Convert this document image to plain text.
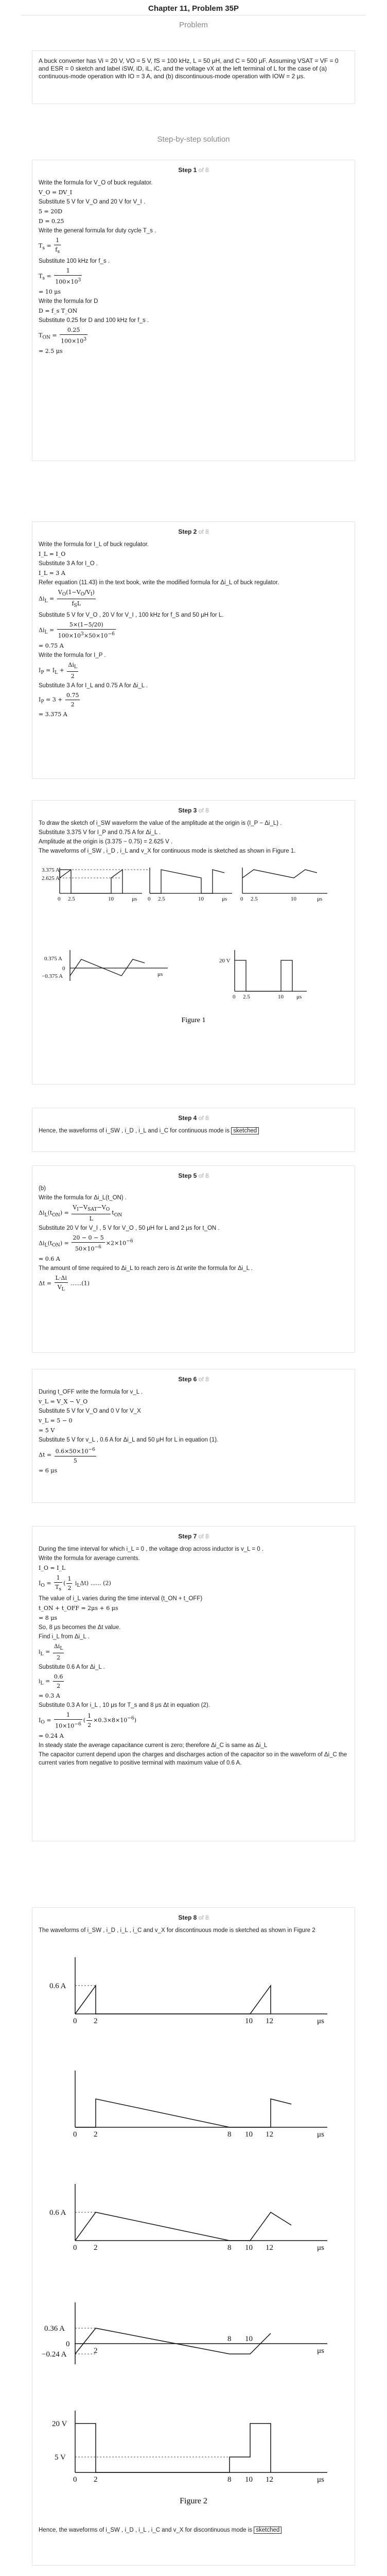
Chapter 11, Problem 35P
Problem
A buck converter has Vi = 20 V, VO = 5 V, fS = 100 kHz, L = 50 μH, and C = 500 μF. Assuming VSAT = VF = 0 and ESR = 0 sketch and label iSW, iD, iL, iC, and the voltage vX at the left terminal of L for the case of (a) continuous-mode operation with IO = 3 A, and (b) discontinuous-mode operation with IOW = 2 μs.
Step-by-step solution
Step 1 of 8
Write the formula for V_O of buck regulator.
V_O = DV_I
Substitute 5 V for V_O and 20 V for V_I .
5 = 20D
D = 0.25
Write the general formula for duty cycle T_s .
$T_s = \frac{1}{f_s}$
Substitute 100 kHz for f_s .
$T_s = \frac{1}{100\times 10^3}$
= 10 μs
Write the formula for D
D = f_s T_ON
Substitute 0.25 for D and 100 kHz for f_s .
$T_{ON} = \frac{0.25}{100\times 10^3}$
= 2.5 μs
Step 2 of 8
Write the formula for I_L of buck regulator.
I_L = I_O
Substitute 3 A for I_O .
I_L = 3 A
Refer equation (11.43) in the text book, write the modified formula for Δi_L of buck regulator.
$\Delta i_L = \frac{V_O(1-V_O/V_I)}{f_SL}$
Substitute 5 V for V_O , 20 V for V_I , 100 kHz for f_S and 50 μH for L.
$\Delta i_L = \frac{5\times(1-5/20)}{100\times 10^3\times 50\times 10^{-6}}$
= 0.75 A
Write the formula for I_P .
$I_P = I_L + \frac{\Delta i_L}{2}$
Substitute 3 A for I_L and 0.75 A for Δi_L .
$I_P = 3 + \frac{0.75}{2}$
= 3.375 A
Step 3 of 8
To draw the sketch of i_SW waveform the value of the amplitude at the origin is (I_P − Δi_L) .
Substitute 3.375 V for I_P and 0.75 A for Δi_L .
Amplitude at the origin is (3.375 − 0.75) = 2.625 V .
The waveforms of i_SW , i_D , i_L and v_X for continuous mode is sketched as shown in Figure 1.
3.375 A
2.625 A
0 2.5	10	μs 0 2.5	10	μs 0 2.5	10	μs
0.375 A
0
−0.375 A	μs
20 V
0 2.5	10 μs
Figure 1
Step 4 of 8
Hence, the waveforms of i_SW , i_D , i_L and i_C for continuous mode is sketched
Step 5 of 8
(b)
Write the formula for Δi_L(t_ON) .
$\Delta i_L(t_{ON}) = \frac{V_I-V_{SAT}-V_O}{L} t_{ON}$
Substitute 20 V for V_I , 5 V for V_O , 50 μH for L and 2 μs for t_ON .
$\Delta i_L(t_{ON}) = \frac{20 - 0 - 5}{50\times 10^{-6}} \times 2\times 10^{-6}$
= 0.6 A
The amount of time required to Δi_L to reach zero is Δt write the formula for Δi_L .
$\Delta t = \frac{L\cdot\Delta i}{V_L} ......(1)$
Step 6 of 8
During t_OFF write the formula for v_L .
v_L = V_X − V_O
Substitute 5 V for V_O and 0 V for V_X
v_L = 5 − 0
= 5 V
Substitute 5 V for v_L , 0.6 A for Δi_L and 50 μH for L in equation (1).
$\Delta t = \frac{0.6\times 50\times 10^{-6}}{5}$
= 6 μs
Step 7 of 8
During the time interval for which i_L = 0 , the voltage drop across inductor is v_L = 0 .
Write the formula for average currents.
I_O = I_L
$I_O = \frac{1}{T_s}$ ( $\frac{1}{2} i_L\Delta t$) ...... (2)
The value of i_L varies during the time interval (t_ON + t_OFF)
t_ON + t_OFF = 2μs + 6 μs
= 8 μs
So, 8 μs becomes the Δt value.
Find i_L from Δi_L .
$i_L = \frac{\Delta i_L}{2}$
Substitute 0.6 A for Δi_L .
$i_L = \frac{0.6}{2}$
= 0.3 A
Substitute 0.3 A for i_L , 10 μs for T_s and 8 μs Δt in equation (2).
$I_O = \frac{1}{10\times 10^{-6}}$ ( $\frac{1}{2} \times 0.3\times 8\times 10^{-6}$)
= 0.24 A
In steady state the average capacitance current is zero; therefore Δi_C is same as Δi_L
The capacitor current depend upon the charges and discharges action of the capacitor so in the waveform of Δi_C the current varies from negative to positive terminal with maximum value of 0.6 A.
Step 8 of 8
The waveforms of i_SW , i_D , i_L , i_C and v_X for discontinuous mode is sketched as shown in Figure 2
0.6 A
0 2	10 12	μs
0 2	8 10 12	μs
0.6 A
0 2	8 10 12	μs
0.36 A
0
−0.24 A	2
8 10
μs
20 V
5 V
0 2	8 10 12	μs
Figure 2
Hence, the waveforms of i_SW , i_D , i_L , i_C and v_X for discontinuous mode is sketched
